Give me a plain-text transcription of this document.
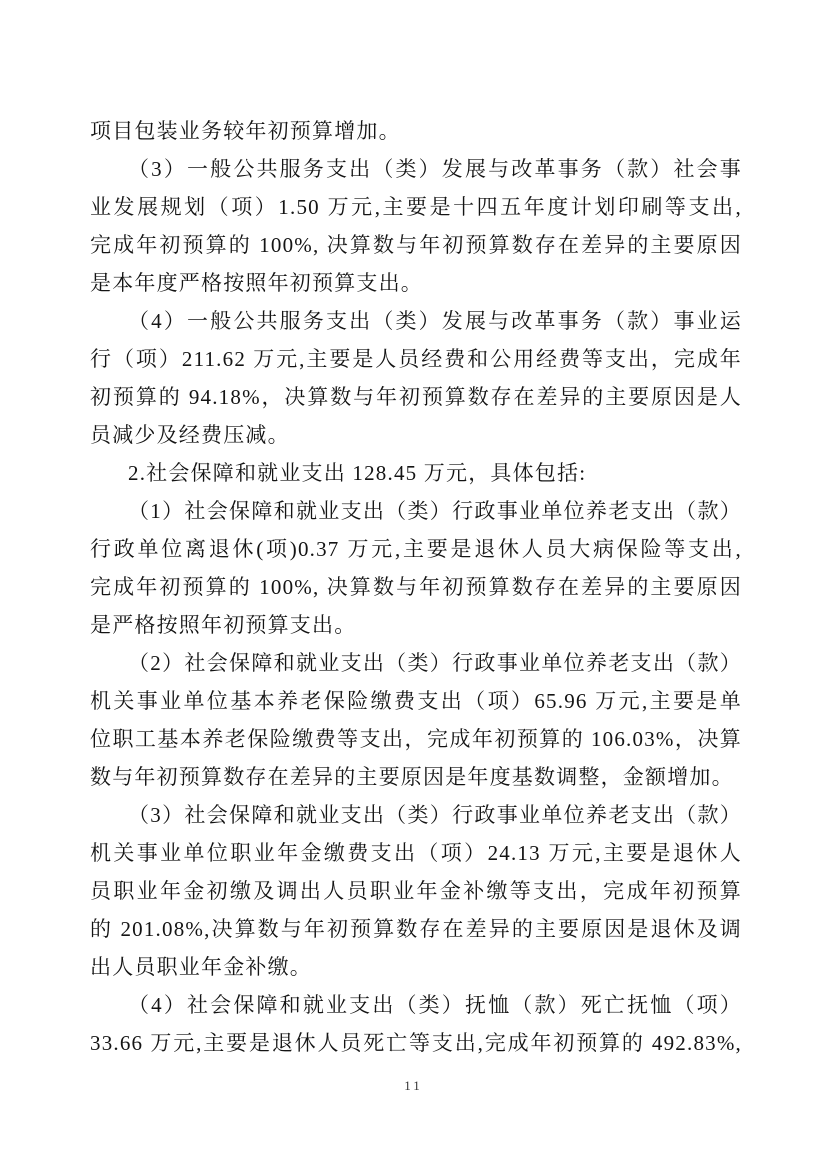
项目包装业务较年初预算增加。
（3）一般公共服务支出（类）发展与改革事务（款）社会事
业发展规划（项）1.50 万元,主要是十四五年度计划印刷等支出,
完成年初预算的 100%, 决算数与年初预算数存在差异的主要原因
是本年度严格按照年初预算支出。
（4）一般公共服务支出（类）发展与改革事务（款）事业运
行（项）211.62 万元,主要是人员经费和公用经费等支出，完成年
初预算的 94.18%，决算数与年初预算数存在差异的主要原因是人
员减少及经费压减。
2.社会保障和就业支出 128.45 万元，具体包括:
（1）社会保障和就业支出（类）行政事业单位养老支出（款）
行政单位离退休(项)0.37 万元,主要是退休人员大病保险等支出,
完成年初预算的 100%, 决算数与年初预算数存在差异的主要原因
是严格按照年初预算支出。
（2）社会保障和就业支出（类）行政事业单位养老支出（款）
机关事业单位基本养老保险缴费支出（项）65.96 万元,主要是单
位职工基本养老保险缴费等支出，完成年初预算的 106.03%，决算
数与年初预算数存在差异的主要原因是年度基数调整，金额增加。
（3）社会保障和就业支出（类）行政事业单位养老支出（款）
机关事业单位职业年金缴费支出（项）24.13 万元,主要是退休人
员职业年金初缴及调出人员职业年金补缴等支出，完成年初预算
的 201.08%,决算数与年初预算数存在差异的主要原因是退休及调
出人员职业年金补缴。
（4）社会保障和就业支出（类）抚恤（款）死亡抚恤（项）
33.66 万元,主要是退休人员死亡等支出,完成年初预算的 492.83%,
11
